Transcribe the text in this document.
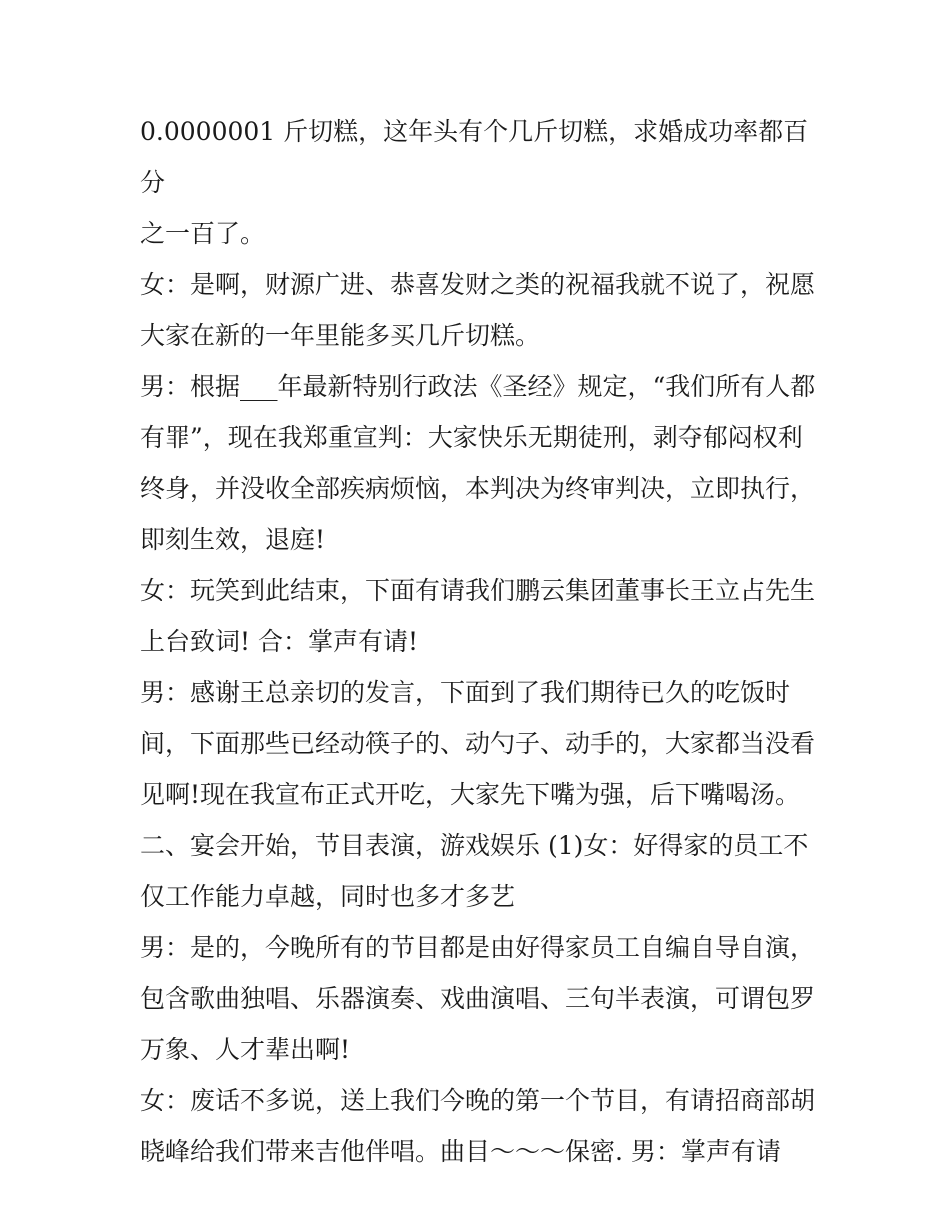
0.0000001 斤切糕，这年头有个几斤切糕，求婚成功率都百分
之一百了。
女：是啊，财源广进、恭喜发财之类的祝福我就不说了，祝愿
大家在新的一年里能多买几斤切糕。
男：根据___年最新特别行政法《圣经》规定，“我们所有人都
有罪”，现在我郑重宣判：大家快乐无期徒刑，剥夺郁闷权利
终身，并没收全部疾病烦恼，本判决为终审判决，立即执行，
即刻生效，退庭!
女：玩笑到此结束，下面有请我们鹏云集团董事长王立占先生
上台致词! 合：掌声有请!
男：感谢王总亲切的发言，下面到了我们期待已久的吃饭时
间，下面那些已经动筷子的、动勺子、动手的，大家都当没看
见啊!现在我宣布正式开吃，大家先下嘴为强，后下嘴喝汤。
二、宴会开始，节目表演，游戏娱乐 (1)女：好得家的员工不
仅工作能力卓越，同时也多才多艺
男：是的，今晚所有的节目都是由好得家员工自编自导自演，
包含歌曲独唱、乐器演奏、戏曲演唱、三句半表演，可谓包罗
万象、人才辈出啊!
女：废话不多说，送上我们今晚的第一个节目，有请招商部胡
晓峰给我们带来吉他伴唱。曲目～～～保密. 男：掌声有请
